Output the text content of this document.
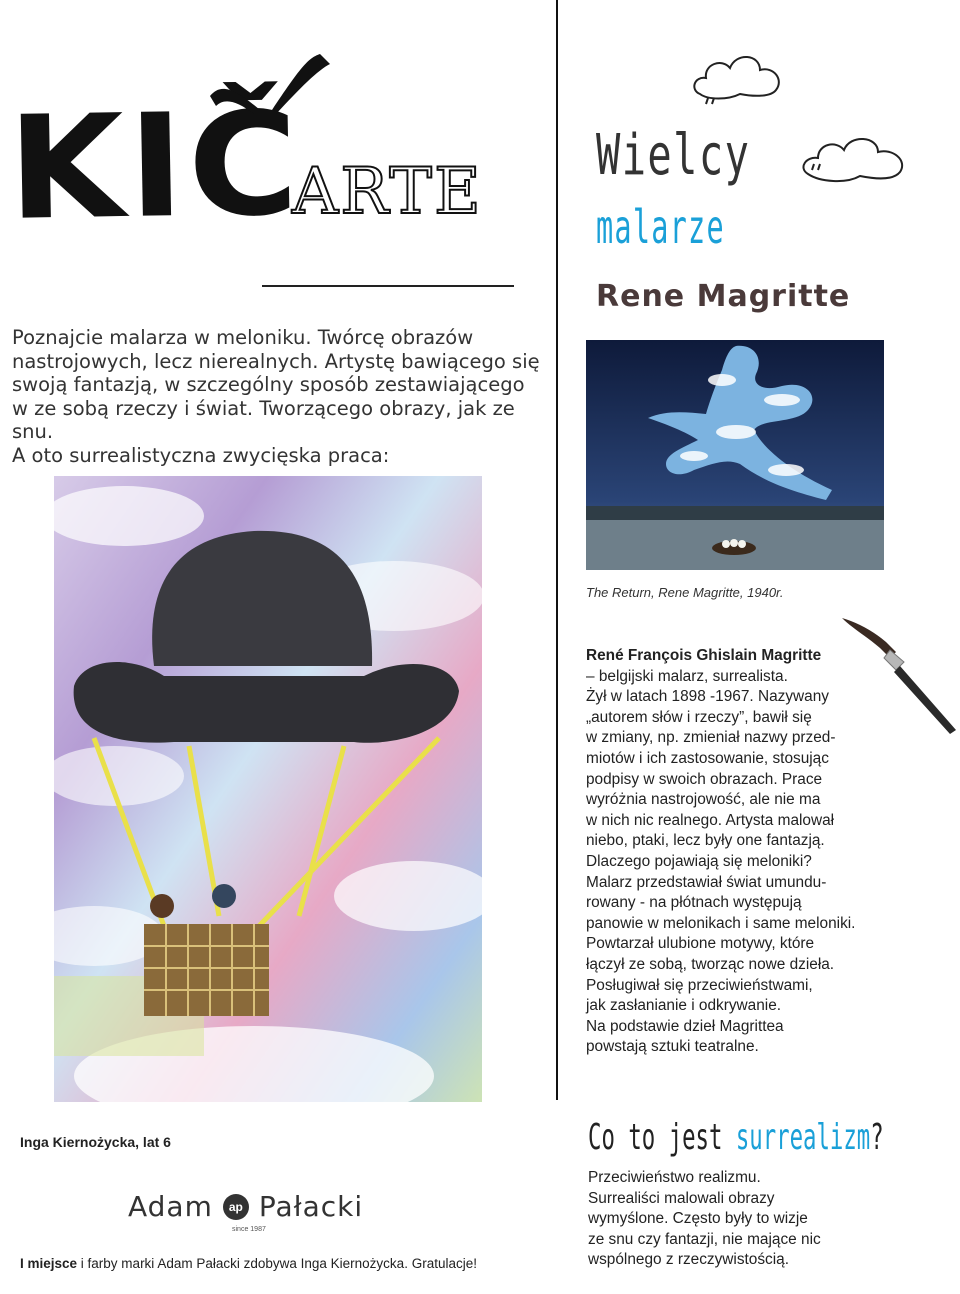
KIČ
ARTE
Poznajcie malarza w meloniku. Twórcę obrazów
nastrojowych, lecz nierealnych. Artystę bawiącego się
swoją fantazją, w szczególny sposób zestawiającego
w ze sobą rzeczy i świat. Tworzącego obrazy, jak ze snu.
A oto surrealistyczna zwycięska praca:
Inga Kiernożycka, lat 6
Adam	ap Pałacki
since 1987
I miejsce i farby marki Adam Pałacki zdobywa Inga Kiernożycka. Gratulacje!
Wielcy
malarze
Rene Magritte
The Return, Rene Magritte, 1940r.
René François Ghislain Magritte
– belgijski malarz, surrealista.
Żył w latach 1898 -1967. Nazywany
„autorem słów i rzeczy”, bawił się
w zmiany, np. zmieniał nazwy przed-
miotów i ich zastosowanie, stosując
podpisy w swoich obrazach. Prace
wyróżnia nastrojowość, ale nie ma
w nich nic realnego. Artysta malował
niebo, ptaki, lecz były one fantazją.
Dlaczego pojawiają się meloniki?
Malarz przedstawiał świat umundu-
rowany - na płótnach występują
panowie w melonikach i same meloniki.
Powtarzał ulubione motywy, które
łączył ze sobą, tworząc nowe dzieła.
Posługiwał się przeciwieństwami,
jak zasłanianie i odkrywanie.
Na podstawie dzieł Magrittea
powstają sztuki teatralne.
Co to jest surrealizm?
Przeciwieństwo realizmu.
Surrealiści malowali obrazy
wymyślone. Często były to wizje
ze snu czy fantazji, nie mające nic
wspólnego z rzeczywistością.
